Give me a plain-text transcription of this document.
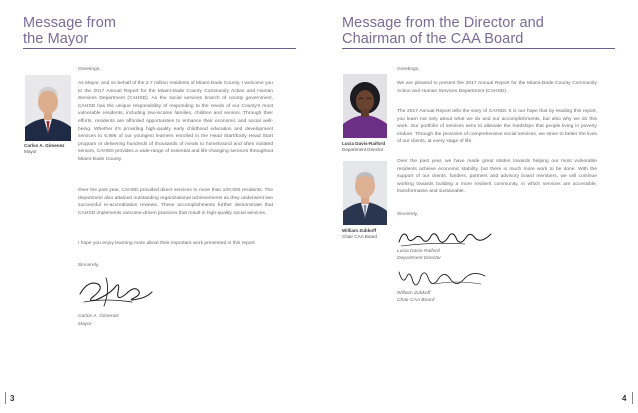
Message from
the Mayor
Carlos A. Gimenez
Mayor
Greetings,
As Mayor, and on behalf of the 2.7 million residents of Miami-Dade County, I welcome you to the 2017 Annual Report for the Miami-Dade County Community Action and Human Services Department (CAHSD). As the social services branch of county government, CAHSD has the unique responsibility of responding to the needs of our County's most vulnerable residents, including low-income families, children and seniors. Through their efforts, residents are afforded opportunities to enhance their economic and social well-being. Whether it's providing high-quality early childhood education and development services to 6,996 of our youngest learners enrolled in the Head Start/Early Head Start program or delivering hundreds of thousands of meals to homebound and often isolated seniors, CAHSD provides a wide-range of essential and life-changing services throughout Miami-Dade County.
Over the past year, CAHSD provided direct services to more than 100,000 residents. The department also attained outstanding organizational achievements as they underwent two successful re-accreditation reviews. These accomplishments further demonstrate that CAHSD implements outcome-driven practices that result in high-quality social services.
I hope you enjoy learning more about their important work presented in this report.
Sincerely,
Carlos A. Gimenez
Mayor
3
Message from the Director and
Chairman of the CAA Board
Lucia Davis-Raiford
Department Director
William Zubkoff
Chair CAA Board
Greetings,
We are pleased to present the 2017 Annual Report for the Miami-Dade County Community Action and Human Services Department (CAHSD).
The 2017 Annual Report tells the story of CAHSD. It is our hope that by reading this report, you learn not only about what we do and our accomplishments, but also why we do this work. Our portfolio of services aims to alleviate the hardships that people living in poverty endure. Through the provision of comprehensive social services, we strive to better the lives of our clients, at every stage of life.
Over the past year, we have made great strides towards helping our most vulnerable residents achieve economic stability, but there is much more work to be done. With the support of our clients, funders, partners and advisory board members, we will continue working towards building a more resilient community, in which services are accessible, transformative and sustainable.
Sincerely,
Lucia Davis-Raiford
Department Director
William Zubkoff
Chair CAA Board
4
